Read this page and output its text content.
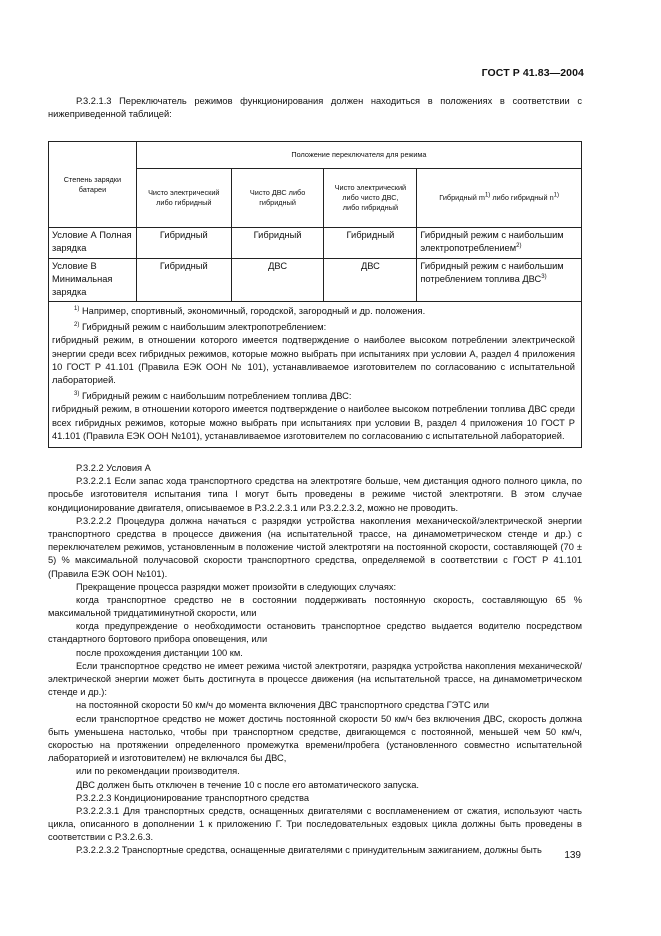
ГОСТ Р 41.83—2004

Р.3.2.1.3 Переключатель режимов функционирования должен находиться в положениях в соответствии с нижеприведенной таблицей:

Степень зарядки батареи	Положение переключателя для режима			
	Чисто электрический либо гибридный	Чисто ДВС либо гибридный	Чисто электрический либо чисто ДВС, либо гибридный	Гибридный $m^{1)}$ либо гибридный $n^{1)}$
Условие А Полная зарядка	Гибридный	Гибридный	Гибридный	Гибридный режим с наибольшим электропотреблением$^{2)}$
Условие В Минимальная зарядка	Гибридный	ДВС	ДВС	Гибридный режим с наибольшим потреблением топлива ДВС$^{3)}$

$^{1)}$ Например, спортивный, экономичный, городской, загородный и др. положения.

$^{2)}$ Гибридный режим с наибольшим электропотреблением:
гибридный режим, в отношении которого имеется подтверждение о наиболее высоком потреблении электрической энергии среди всех гибридных режимов, которые можно выбрать при испытаниях при условии А, раздел 4 приложения 10 ГОСТ Р 41.101 (Правила ЕЭК ООН № 101), устанавливаемое изготовителем по согласованию с испытательной лабораторией.

$^{3)}$ Гибридный режим с наибольшим потреблением топлива ДВС:
гибридный режим, в отношении которого имеется подтверждение о наиболее высоком потреблении топлива ДВС среди всех гибридных режимов, которые можно выбрать при испытаниях при условии В, раздел 4 приложения 10 ГОСТ Р 41.101 (Правила ЕЭК ООН №101), устанавливаемое изготовителем по согласованию с испытательной лабораторией.				

Р.3.2.2 Условия А

Р.3.2.2.1 Если запас хода транспортного средства на электротяге больше, чем дистанция одного полного цикла, по просьбе изготовителя испытания типа I могут быть проведены в режиме чистой электротяги. В этом случае кондиционирование двигателя, описываемое в Р.3.2.2.3.1 или Р.3.2.2.3.2, можно не проводить.

Р.3.2.2.2 Процедура должна начаться с разрядки устройства накопления механической/электрической энергии транспортного средства в процессе движения (на испытательной трассе, на динамометрическом стенде и др.) с переключателем режимов, установленным в положение чистой электротяги на постоянной скорости, составляющей (70 ± 5) % максимальной получасовой скорости транспортного средства, определяемой в соответствии с ГОСТ Р 41.101 (Правила ЕЭК ООН №101).

Прекращение процесса разрядки может произойти в следующих случаях:

когда транспортное средство не в состоянии поддерживать постоянную скорость, составляющую 65 % максимальной тридцатиминутной скорости, или

когда предупреждение о необходимости остановить транспортное средство выдается водителю посредством стандартного бортового прибора оповещения, или

после прохождения дистанции 100 км.

Если транспортное средство не имеет режима чистой электротяги, разрядка устройства накопления механической/электрической энергии может быть достигнута в процессе движения (на испытательной трассе, на динамометрическом стенде и др.):

на постоянной скорости 50 км/ч до момента включения ДВС транспортного средства ГЭТС или

если транспортное средство не может достичь постоянной скорости 50 км/ч без включения ДВС, скорость должна быть уменьшена настолько, чтобы при транспортном средстве, двигающемся с постоянной, меньшей чем 50 км/ч, скоростью на протяжении определенного промежутка времени/пробега (установленного совместно испытательной лабораторией и изготовителем) не включался бы ДВС,

или по рекомендации производителя.

ДВС должен быть отключен в течение 10 с после его автоматического запуска.

Р.3.2.2.3 Кондиционирование транспортного средства

Р.3.2.2.3.1 Для транспортных средств, оснащенных двигателями с воспламенением от сжатия, используют часть цикла, описанного в дополнении 1 к приложению Г. Три последовательных ездовых цикла должны быть проведены в соответствии с Р.3.2.6.3.

Р.3.2.2.3.2 Транспортные средства, оснащенные двигателями с принудительным зажиганием, должны быть	139
